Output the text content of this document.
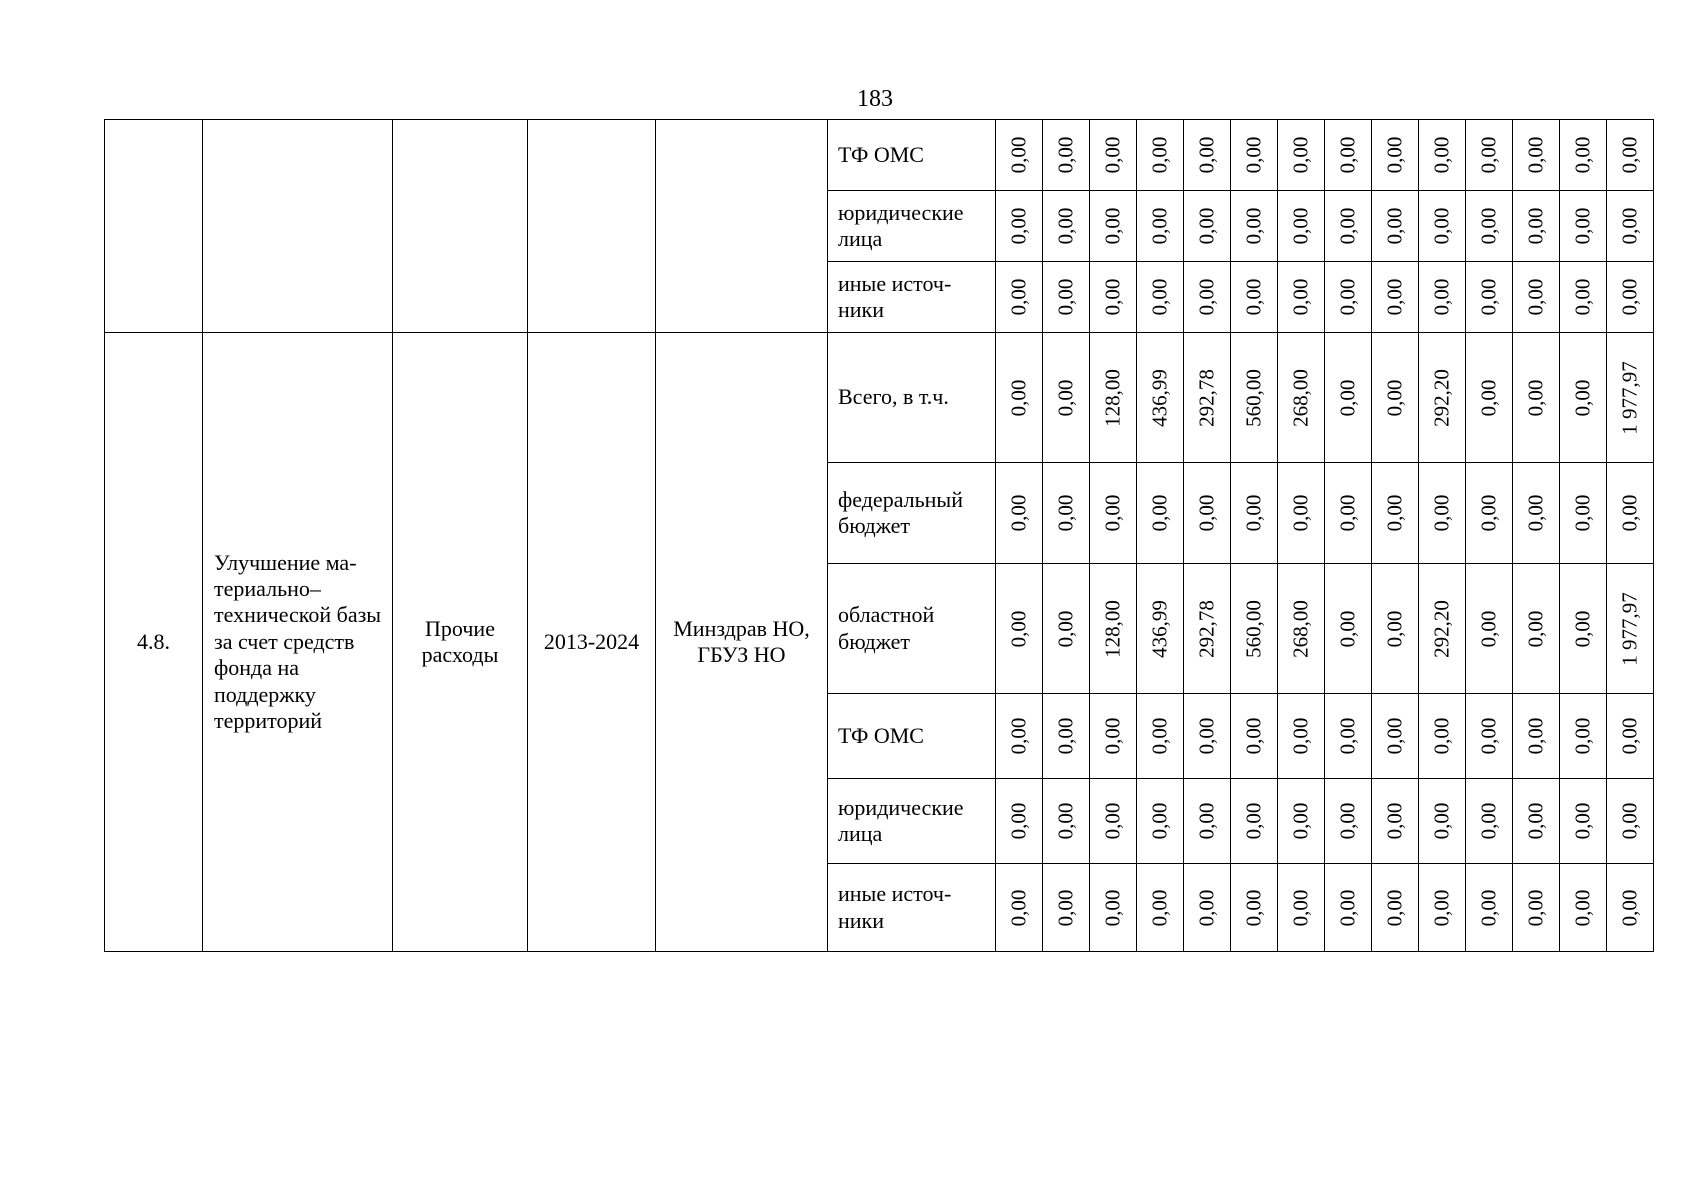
183
					ТФ ОМС	0,00	0,00	0,00	0,00	0,00	0,00	0,00	0,00	0,00	0,00	0,00	0,00	0,00	0,00

					юридические лица	0,00	0,00	0,00	0,00	0,00	0,00	0,00	0,00	0,00	0,00	0,00	0,00	0,00	0,00

					иные источ- ники	0,00	0,00	0,00	0,00	0,00	0,00	0,00	0,00	0,00	0,00	0,00	0,00	0,00	0,00

4.8.	Улучшение ма- териально– технической базы за счет средств фонда на поддержку территорий	Прочие расходы	2013-2024	Минздрав НО, ГБУЗ НО	Всего, в т.ч.	0,00	0,00	128,00	436,99	292,78	560,00	268,00	0,00	0,00	292,20	0,00	0,00	0,00	1 977,97

					федеральный бюджет	0,00	0,00	0,00	0,00	0,00	0,00	0,00	0,00	0,00	0,00	0,00	0,00	0,00	0,00

					областной бюджет	0,00	0,00	128,00	436,99	292,78	560,00	268,00	0,00	0,00	292,20	0,00	0,00	0,00	1 977,97

					ТФ ОМС	0,00	0,00	0,00	0,00	0,00	0,00	0,00	0,00	0,00	0,00	0,00	0,00	0,00	0,00

					юридические лица	0,00	0,00	0,00	0,00	0,00	0,00	0,00	0,00	0,00	0,00	0,00	0,00	0,00	0,00

					иные источ- ники	0,00	0,00	0,00	0,00	0,00	0,00	0,00	0,00	0,00	0,00	0,00	0,00	0,00	0,00
